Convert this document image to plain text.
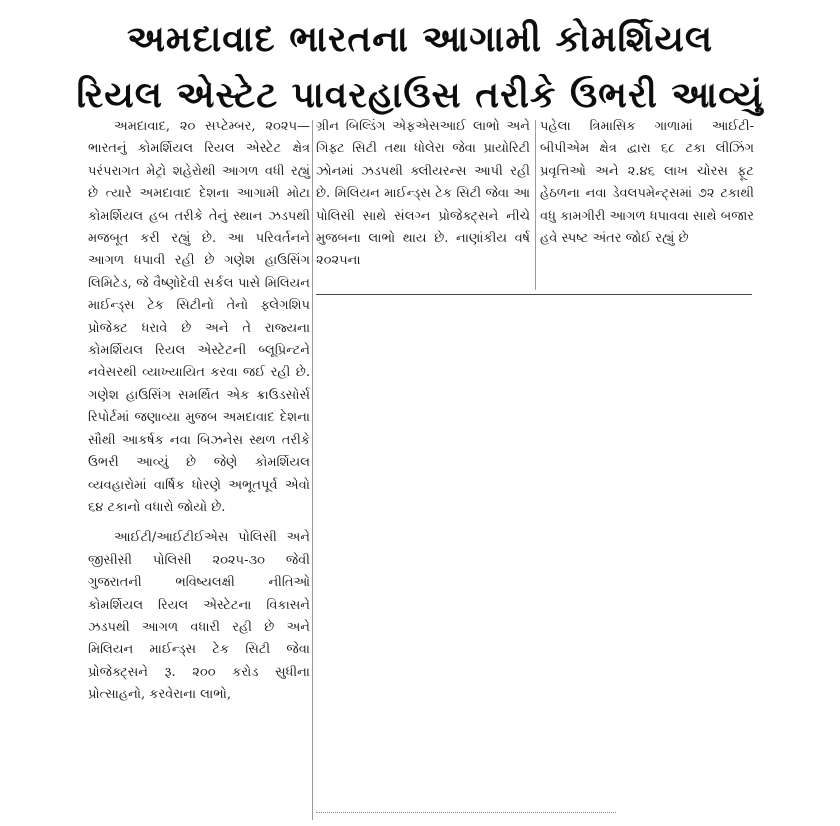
અમદાવાદ ભારતના આગામી કોમર્શિયલ
રિયલ એસ્ટેટ પાવરહાઉસ તરીકે ઉભરી આવ્યું

અમદાવાદ, ૨૦ સપ્ટેમ્બર, ૨૦૨૫—ભારતનું કોમર્શિયલ રિયલ એસ્ટેટ ક્ષેત્ર પરંપરાગત મેટ્રો શહેરોથી આગળ વધી રહ્યું છે ત્યારે અમદાવાદ દેશના આગામી મોટા કોમર્શિયલ હબ તરીકે તેનું સ્થાન ઝડપથી મજબૂત કરી રહ્યું છે. આ પરિવર્તનને આગળ ધપાવી રહી છે ગણેશ હાઉસિંગ લિમિટેડ, જે વૈષ્ણોદેવી સર્કલ પાસે મિલિયન માઈન્ડ્સ ટેક સિટીનો તેનો ફ્લેગશિપ પ્રોજેક્ટ ધરાવે છે અને તે રાજ્યના કોમર્શિયલ રિયલ એસ્ટેટની બ્લૂપ્રિન્ટને નવેસરથી વ્યાખ્યાયિત કરવા જઈ રહી છે. ગણેશ હાઉસિંગ સમર્થિત એક ક્રાઉડસોર્સ રિપોર્ટમાં જણાવ્યા મુજબ અમદાવાદ દેશના સૌથી આકર્ષક નવા બિઝનેસ સ્થળ તરીકે ઉભરી આવ્યું છે જેણે કોમર્શિયલ વ્યવહારોમાં વાર્ષિક ધોરણે અભૂતપૂર્વ એવો ૬૪ ટકાનો વધારો જોયો છે.

આઈટી/આઈટીઈએસ પોલિસી અને જીસીસી પોલિસી ૨૦૨૫-૩૦ જેવી ગુજરાતની ભવિષ્યલક્ષી નીતિઓ કોમર્શિયલ રિયલ એસ્ટેટના વિકાસને ઝડપથી આગળ વધારી રહી છે અને મિલિયન માઈન્ડ્સ ટેક સિટી જેવા પ્રોજેક્ટ્સને રૂ. ૨૦૦ કરોડ સુધીના પ્રોત્સાહનો, કરવેરાના લાભો,

ગ્રીન બિલ્ડિંગ એફએસઆઈ લાભો અને ગિફ્ટ સિટી તથા ધોલેરા જેવા પ્રાયોરિટી ઝોનમાં ઝડપથી ક્લીયરન્સ આપી રહી છે. મિલિયન માઈન્ડ્સ ટેક સિટી જેવા આ પોલિસી સાથે સંલગ્ન પ્રોજેક્ટ્સને નીચે મુજબના લાભો થાય છે. નાણાંકીય વર્ષ ૨૦૨૫ના

પહેલા ત્રિમાસિક ગાળામાં આઈટી-બીપીએમ ક્ષેત્ર દ્વારા ૬૮ ટકા લીઝિંગ પ્રવૃત્તિઓ અને ૨.૪૬ લાખ ચોરસ ફૂટ હેઠળના નવા ડેવલપમેન્ટ્સમાં ૭૨ ટકાથી વધુ કામગીરી આગળ ધપાવવા સાથે બજાર હવે સ્પષ્ટ અંતર જોઈ રહ્યું છે
